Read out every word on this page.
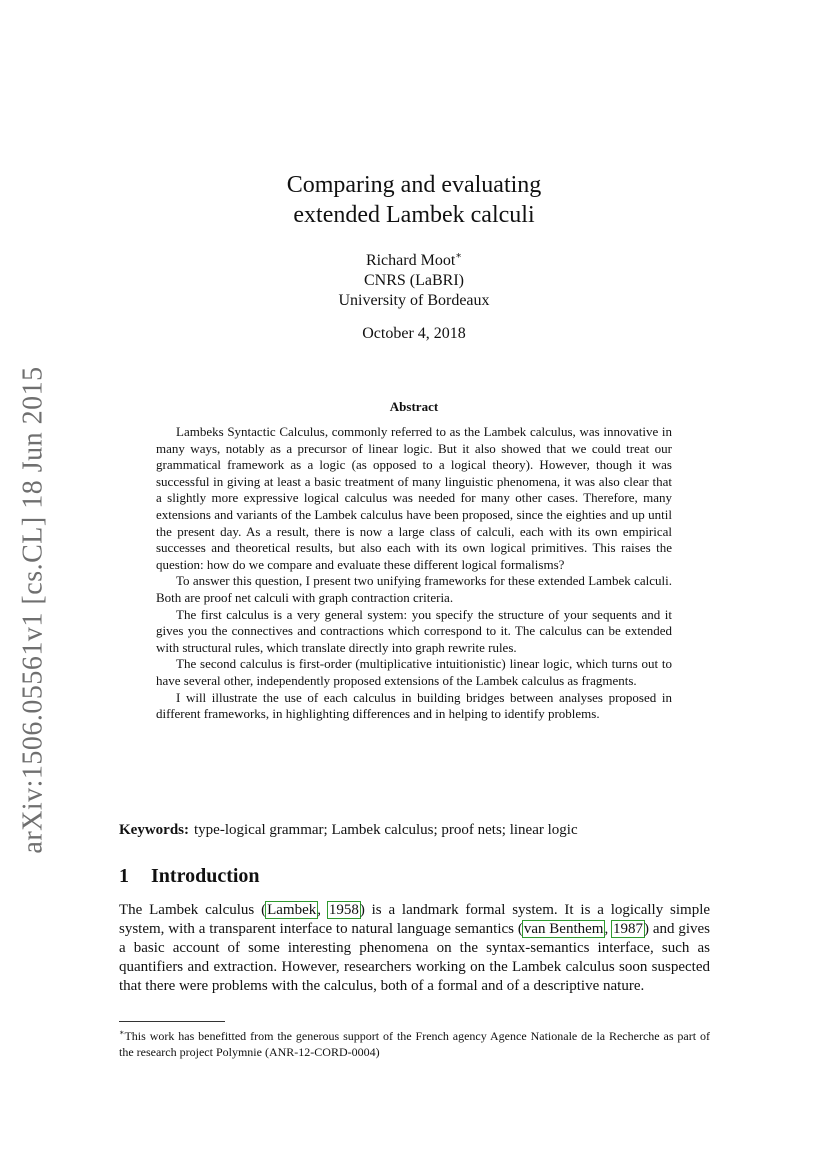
arXiv:1506.05561v1 [cs.CL] 18 Jun 2015
Comparing and evaluating
extended Lambek calculi
Richard Moot∗
CNRS (LaBRI)
University of Bordeaux
October 4, 2018
Abstract

Lambeks Syntactic Calculus, commonly referred to as the Lambek calculus, was innovative in many ways, notably as a precursor of linear logic. But it also showed that we could treat our grammatical framework as a logic (as opposed to a logical theory). However, though it was successful in giving at least a basic treatment of many linguistic phenomena, it was also clear that a slightly more expressive logical calculus was needed for many other cases. Therefore, many extensions and variants of the Lambek calculus have been proposed, since the eighties and up until the present day. As a result, there is now a large class of calculi, each with its own empirical successes and theoretical results, but also each with its own logical primitives. This raises the question: how do we compare and evaluate these different logical formalisms?

To answer this question, I present two unifying frameworks for these extended Lambek calculi. Both are proof net calculi with graph contraction criteria.

The first calculus is a very general system: you specify the structure of your sequents and it gives you the connectives and contractions which correspond to it. The calculus can be extended with structural rules, which translate directly into graph rewrite rules.

The second calculus is first-order (multiplicative intuitionistic) linear logic, which turns out to have several other, independently proposed extensions of the Lambek calculus as fragments.

I will illustrate the use of each calculus in building bridges between analyses proposed in different frameworks, in highlighting differences and in helping to identify problems.

Keywords: type-logical grammar; Lambek calculus; proof nets; linear logic
1 Introduction

The Lambek calculus (Lambek, 1958) is a landmark formal system. It is a logically simple system, with a transparent interface to natural language semantics (van Benthem, 1987) and gives a basic account of some interesting phenomena on the syntax-semantics interface, such as quantifiers and extraction. However, researchers working on the Lambek calculus soon suspected that there were problems with the calculus, both of a formal and of a descriptive nature.

∗This work has benefitted from the generous support of the French agency Agence Nationale de la Recherche as part of the research project Polymnie (ANR-12-CORD-0004)
